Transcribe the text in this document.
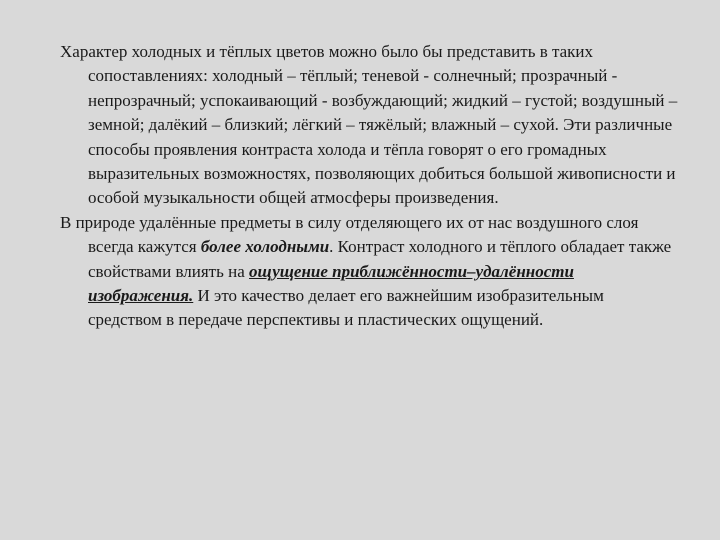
Характер холодных и тёплых цветов можно было бы представить в таких сопоставлениях: холодный – тёплый; теневой - солнечный; прозрачный - непрозрачный; успокаивающий - возбуждающий; жидкий – густой; воздушный – земной; далёкий – близкий; лёгкий – тяжёлый; влажный – сухой. Эти различные способы проявления контраста холода и тёпла говорят о его громадных выразительных возможностях, позволяющих добиться большой живописности и особой музыкальности общей атмосферы произведения.

В природе удалённые предметы в силу отделяющего их от нас воздушного слоя всегда кажутся более холодными. Контраст холодного и тёплого обладает также свойствами влиять на ощущение приближённости–удалённости изображения. И это качество делает его важнейшим изобразительным средством в передаче перспективы и пластических ощущений.
